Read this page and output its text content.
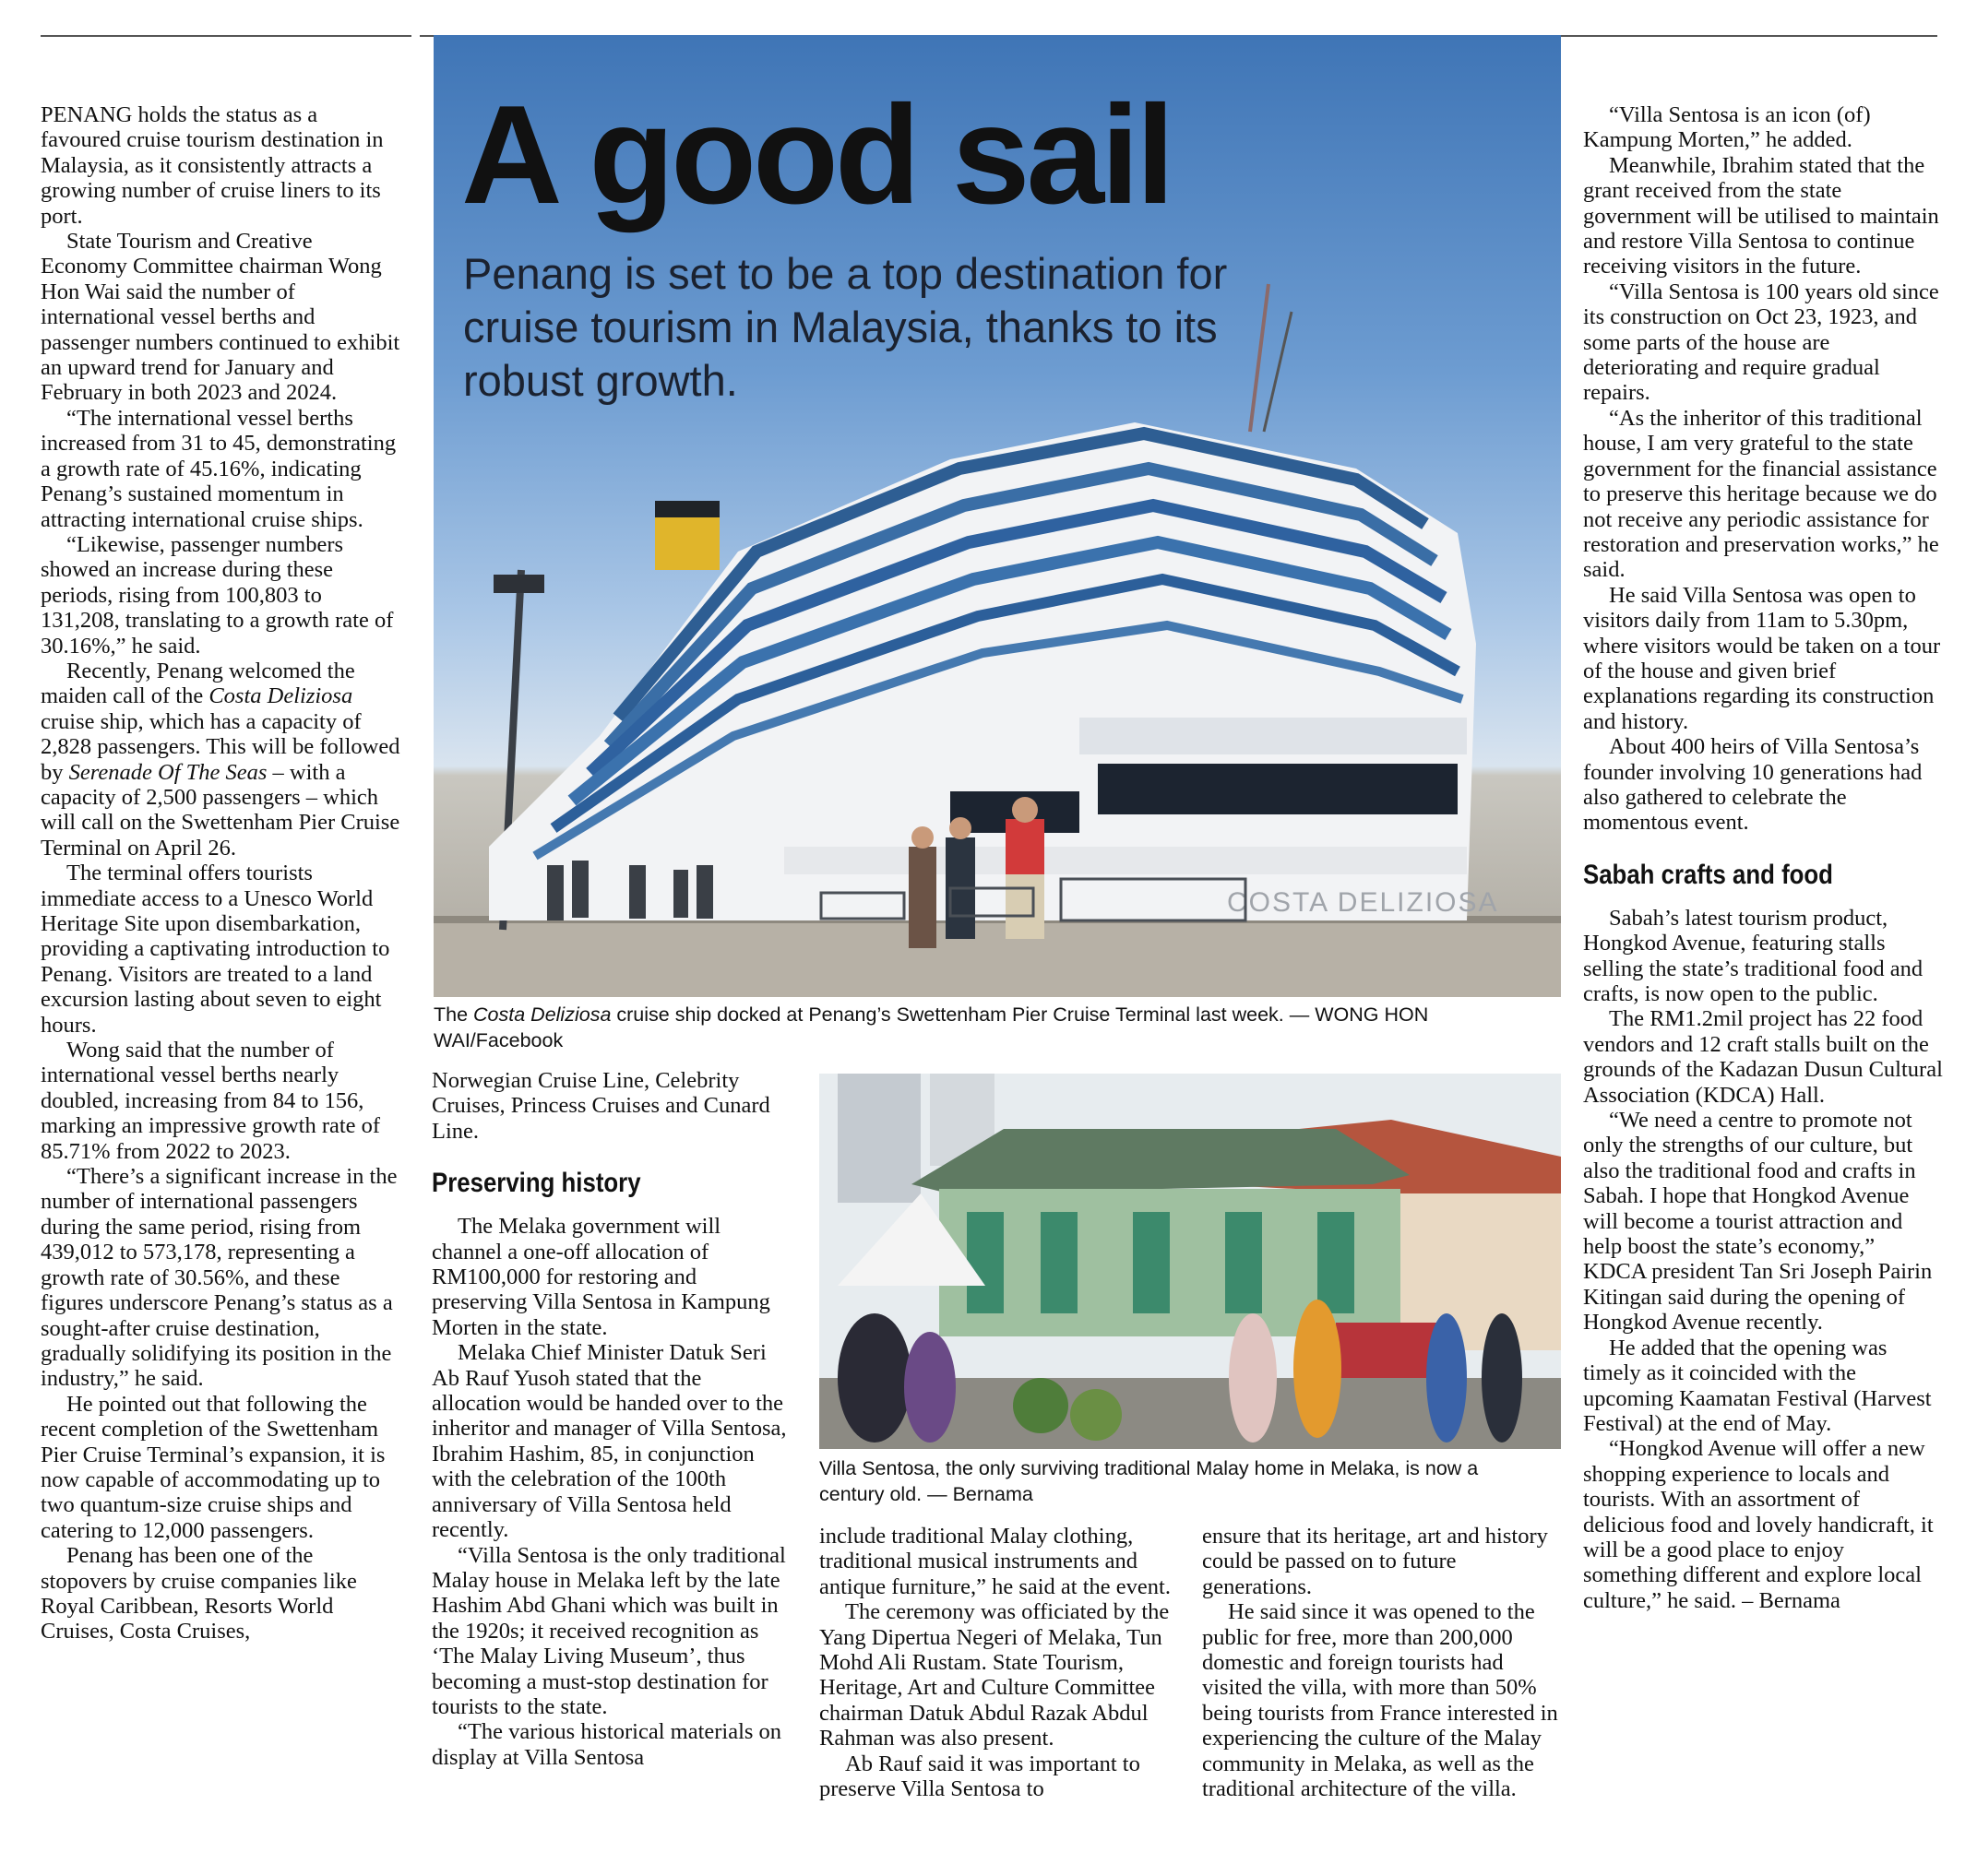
PENANG holds the status as a favoured cruise tourism destination in Malaysia, as it consistently attracts a growing number of cruise liners to its port.

State Tourism and Creative Economy Committee chairman Wong Hon Wai said the number of international vessel berths and passenger numbers continued to exhibit an upward trend for January and February in both 2023 and 2024.

“The international vessel berths increased from 31 to 45, demonstrating a growth rate of 45.16%, indicating Penang’s sustained momentum in attracting international cruise ships.

“Likewise, passenger numbers showed an increase during these periods, rising from 100,803 to 131,208, translating to a growth rate of 30.16%,” he said.

Recently, Penang welcomed the maiden call of the Costa Deliziosa cruise ship, which has a capacity of 2,828 passengers. This will be followed by Serenade Of The Seas – with a capacity of 2,500 passengers – which will call on the Swettenham Pier Cruise Terminal on April 26.

The terminal offers tourists immediate access to a Unesco World Heritage Site upon disembarkation, providing a captivating introduction to Penang. Visitors are treated to a land excursion lasting about seven to eight hours.

Wong said that the number of international vessel berths nearly doubled, increasing from 84 to 156, marking an impressive growth rate of 85.71% from 2022 to 2023.

“There’s a significant increase in the number of international passengers during the same period, rising from 439,012 to 573,178, representing a growth rate of 30.56%, and these figures underscore Penang’s status as a sought-after cruise destination, gradually solidifying its position in the industry,” he said.

He pointed out that following the recent completion of the Swettenham Pier Cruise Terminal’s expansion, it is now capable of accommodating up to two quantum-size cruise ships and catering to 12,000 passengers.

Penang has been one of the stopovers by cruise companies like Royal Caribbean, Resorts World Cruises, Costa Cruises,

COSTA DELIZIOSA
A good sail
Penang is set to be a top destination for cruise tourism in Malaysia, thanks to its robust growth.
The Costa Deliziosa cruise ship docked at Penang’s Swettenham Pier Cruise Terminal last week. — WONG HON WAI/Facebook

Norwegian Cruise Line, Celebrity Cruises, Princess Cruises and Cunard Line.

Preserving history

The Melaka government will channel a one-off allocation of RM100,000 for restoring and preserving Villa Sentosa in Kampung Morten in the state.

Melaka Chief Minister Datuk Seri Ab Rauf Yusoh stated that the allocation would be handed over to the inheritor and manager of Villa Sentosa, Ibrahim Hashim, 85, in conjunction with the celebration of the 100th anniversary of Villa Sentosa held recently.

“Villa Sentosa is the only traditional Malay house in Melaka left by the late Hashim Abd Ghani which was built in the 1920s; it received recognition as ‘The Malay Living Museum’, thus becoming a must-stop destination for tourists to the state.

“The various historical materials on display at Villa Sentosa

Villa Sentosa, the only surviving traditional Malay home in Melaka, is now a century old. — Bernama

include traditional Malay clothing, traditional musical instruments and antique furniture,” he said at the event.

The ceremony was officiated by the Yang Dipertua Negeri of Melaka, Tun Mohd Ali Rustam. State Tourism, Heritage, Art and Culture Committee chairman Datuk Abdul Razak Abdul Rahman was also present.

Ab Rauf said it was important to preserve Villa Sentosa to

ensure that its heritage, art and history could be passed on to future generations.

He said since it was opened to the public for free, more than 200,000 domestic and foreign tourists had visited the villa, with more than 50% being tourists from France interested in experiencing the culture of the Malay community in Melaka, as well as the traditional architecture of the villa.

“Villa Sentosa is an icon (of) Kampung Morten,” he added.

Meanwhile, Ibrahim stated that the grant received from the state government will be utilised to maintain and restore Villa Sentosa to continue receiving visitors in the future.

“Villa Sentosa is 100 years old since its construction on Oct 23, 1923, and some parts of the house are deteriorating and require gradual repairs.

“As the inheritor of this traditional house, I am very grateful to the state government for the financial assistance to preserve this heritage because we do not receive any periodic assistance for restoration and preservation works,” he said.

He said Villa Sentosa was open to visitors daily from 11am to 5.30pm, where visitors would be taken on a tour of the house and given brief explanations regarding its construction and history.

About 400 heirs of Villa Sentosa’s founder involving 10 generations had also gathered to celebrate the momentous event.

Sabah crafts and food

Sabah’s latest tourism product, Hongkod Avenue, featuring stalls selling the state’s traditional food and crafts, is now open to the public.

The RM1.2mil project has 22 food vendors and 12 craft stalls built on the grounds of the Kadazan Dusun Cultural Association (KDCA) Hall.

“We need a centre to promote not only the strengths of our culture, but also the traditional food and crafts in Sabah. I hope that Hongkod Avenue will become a tourist attraction and help boost the state’s economy,” KDCA president Tan Sri Joseph Pairin Kitingan said during the opening of Hongkod Avenue recently.

He added that the opening was timely as it coincided with the upcoming Kaamatan Festival (Harvest Festival) at the end of May.

“Hongkod Avenue will offer a new shopping experience to locals and tourists. With an assortment of delicious food and lovely handicraft, it will be a good place to enjoy something different and explore local culture,” he said. – Bernama
